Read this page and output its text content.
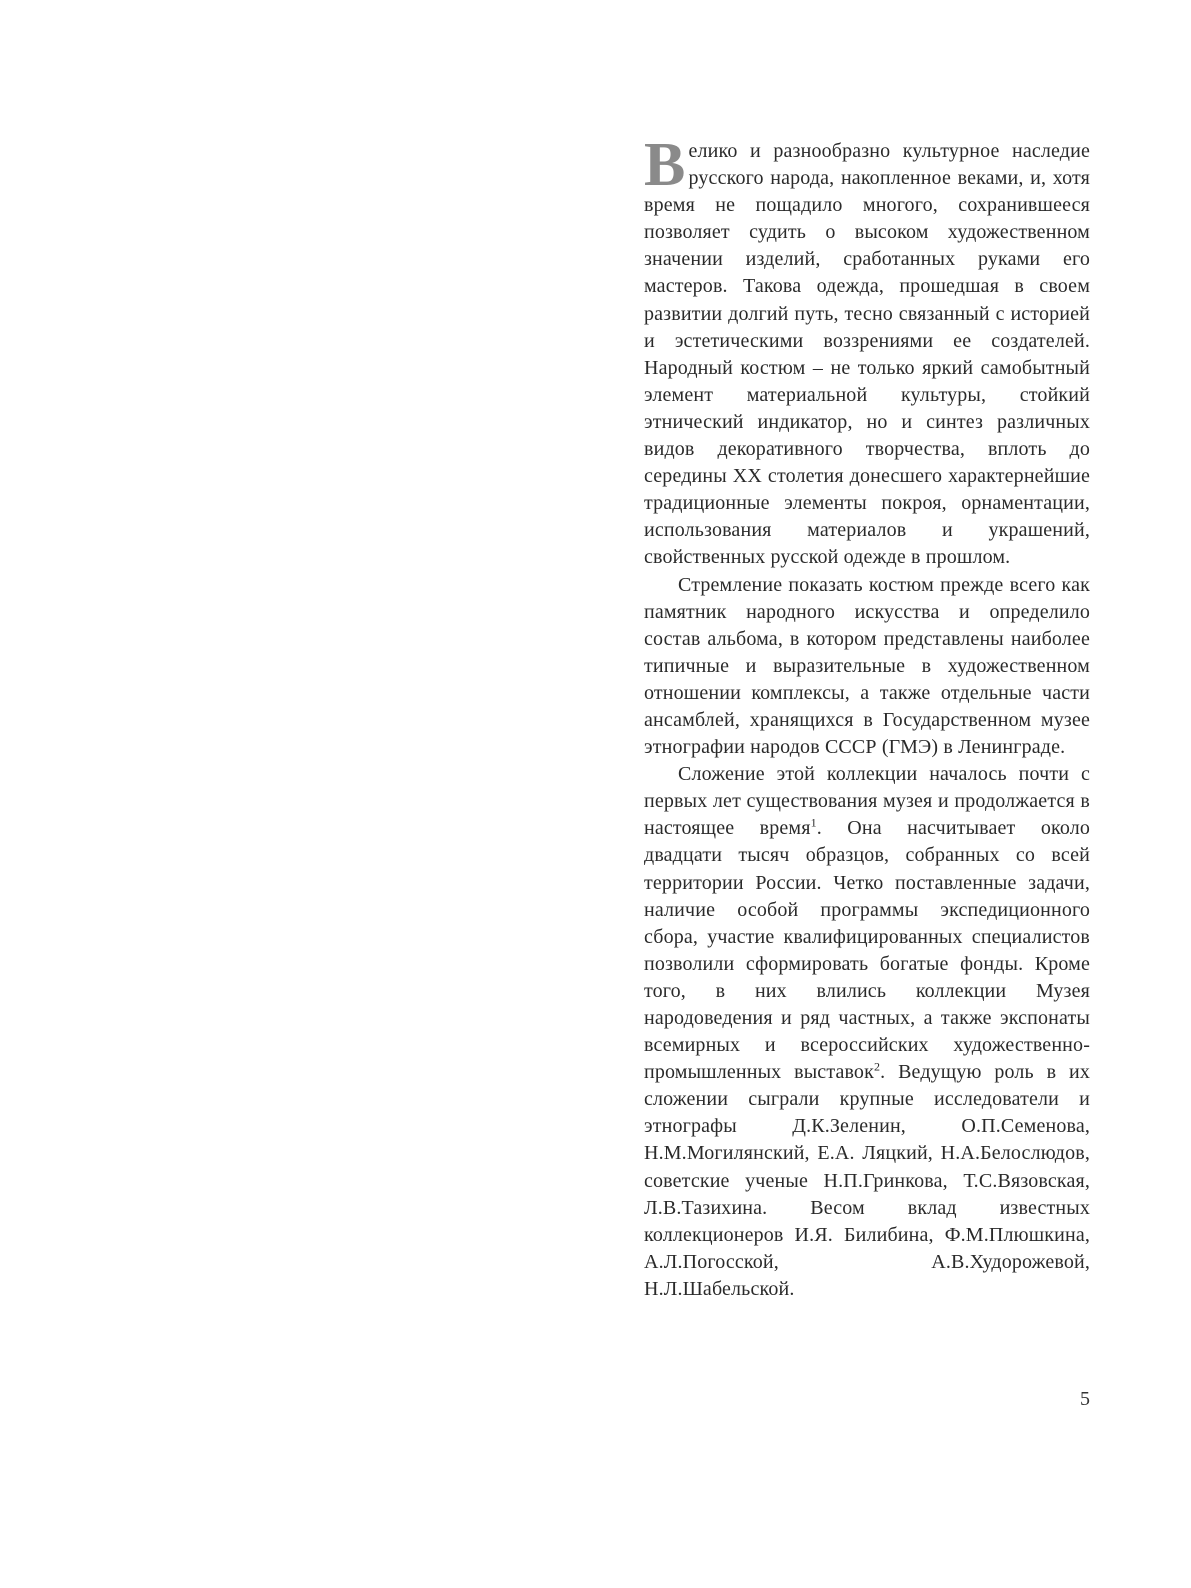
Велико и разнообразно культурное наследие русского народа, накопленное веками, и, хотя время не пощадило многого, сохранившееся позволяет судить о высоком художественном значении изделий, сработанных руками его мастеров. Такова одежда, прошедшая в своем развитии долгий путь, тесно связанный с историей и эстетическими воззрениями ее создателей. Народный костюм – не только яркий самобытный элемент материальной культуры, стойкий этнический индикатор, но и синтез различных видов декоративного творчества, вплоть до середины XX столетия донесшего характернейшие традиционные элементы покроя, орнаментации, использования материалов и украшений, свойственных русской одежде в прошлом.

Стремление показать костюм прежде всего как памятник народного искусства и определило состав альбома, в котором представлены наиболее типичные и выразительные в художественном отношении комплексы, а также отдельные части ансамблей, хранящихся в Государственном музее этнографии народов СССР (ГМЭ) в Ленинграде.

Сложение этой коллекции началось почти с первых лет существования музея и продолжается в настоящее время$^1$. Она насчитывает около двадцати тысяч образцов, собранных со всей территории России. Четко поставленные задачи, наличие особой программы экспедиционного сбора, участие квалифицированных специалистов позволили сформировать богатые фонды. Кроме того, в них влились коллекции Музея народоведения и ряд частных, а также экспонаты всемирных и всероссийских художественно-промышленных выставок$^2$. Ведущую роль в их сложении сыграли крупные исследователи и этнографы Д.К.Зеленин, О.П.Семенова, Н.М.Могилянский, Е.А. Ляцкий, Н.А.Белослюдов, советские ученые Н.П.Гринкова, Т.С.Вязовская, Л.В.Тазихина. Весом вклад известных коллекционеров И.Я. Билибина, Ф.М.Плюшкина, А.Л.Погосской, А.В.Худорожевой, Н.Л.Шабельской.

5
